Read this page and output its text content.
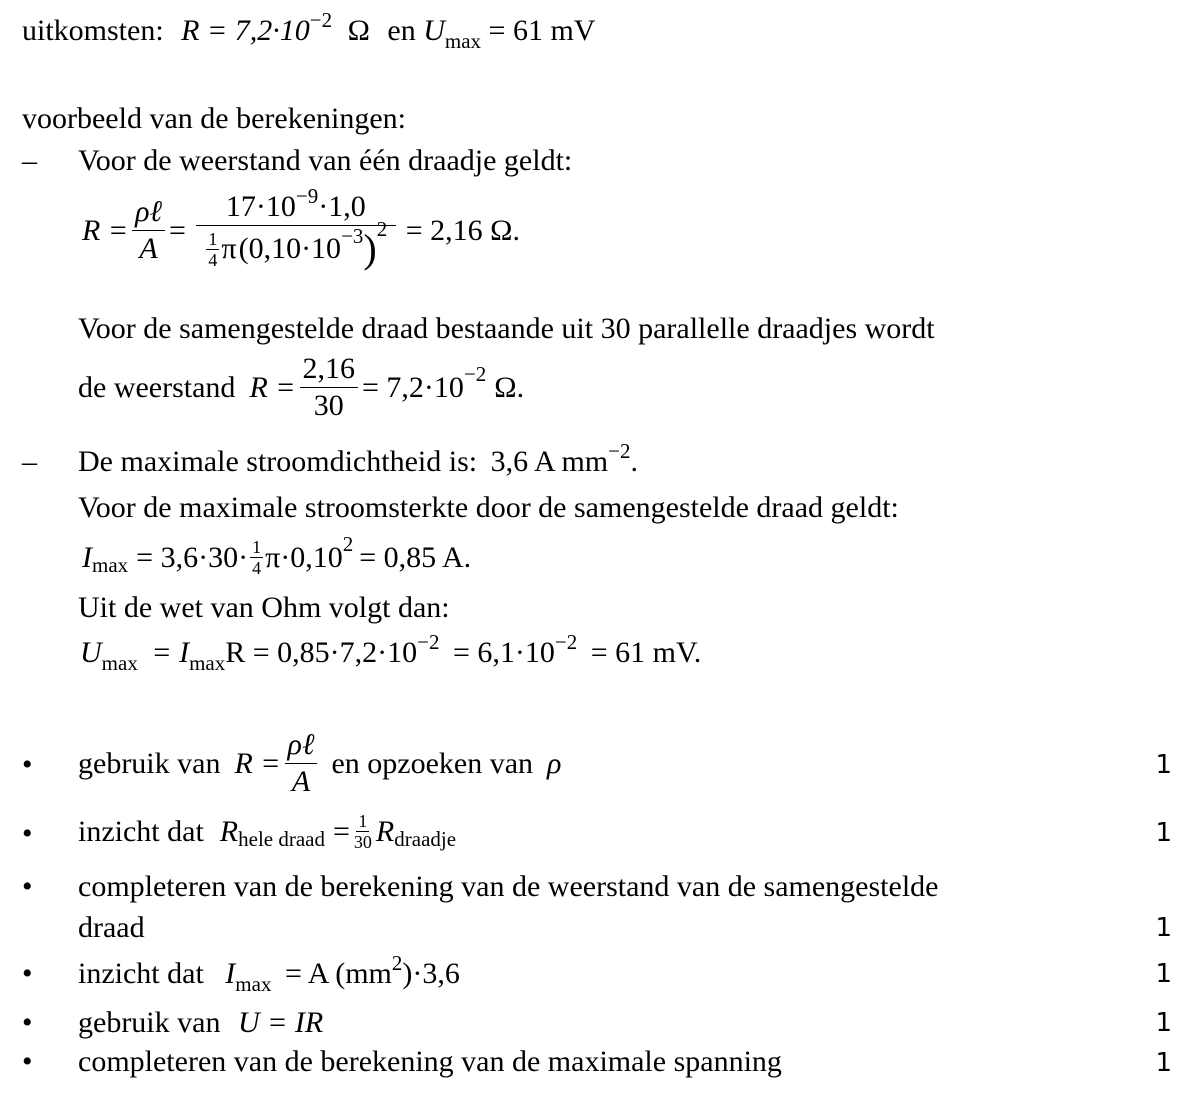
uitkomsten: $R = 7,2\cdot 10^{-2}$ Ω en $U_{max} = 61$ mV
voorbeeld van de berekeningen:
– Voor de weerstand van één draadje geldt:
$R = \frac{\text{ρℓ}}{A} = \frac{17\cdot 10^{-9}\cdot 1,0}{\frac{1}{4} \pi (0,10\cdot 10 -3 ) 2} = 2,16$ Ω.
Voor de samengestelde draad bestaande uit 30 parallelle draadjes wordt
de weerstand $R = \frac{2,16}{30} = 7,2\cdot 10 -2$ Ω.
– De maximale stroomdichtheid is: 3,6 A $mm^{-2}$.
Voor de maximale stroomsterkte door de samengestelde draad geldt:
I $\max = 3,6\cdot 30\cdot \frac{1}{4} \pi\cdot 0,10$ 2 = 0,85 A.
Uit de wet van Ohm volgt dan:
$U_{max} = I_{max}R = 0,85\cdot 7,2\cdot 10^{-2} = 6,1\cdot 10^{-2} = 61$ mV.
• gebruik van $R = \frac{\text{ρℓ}}{A}$ en opzoeken van ρ	1
• inzicht dat R hele draad = $\frac{1}{30}$ R draadje	1
• completeren van de berekening van de weerstand van de samengestelde
draad	1
• inzicht dat $I_{max} = A$ $(mm^2)\cdot 3,6$	1
• gebruik van U = IR	1
• completeren van de berekening van de maximale spanning	1
